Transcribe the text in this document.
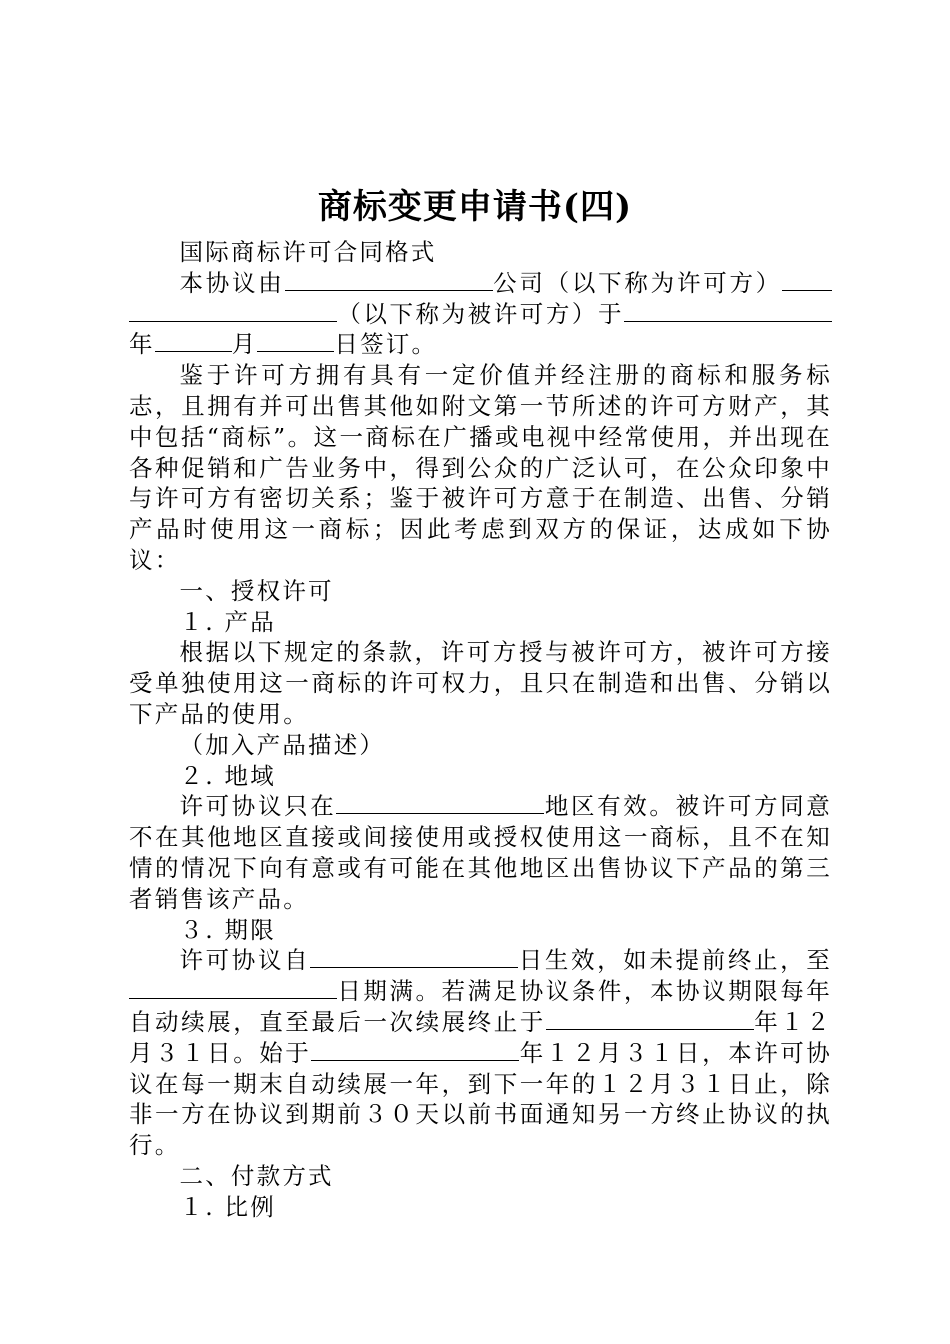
商标变更申请书(四)

国际商标许可合同格式

本协议由	公司（以下称为许可方）（以下称为被许可方）于年	月	日签订。

鉴于许可方拥有具有一定价值并经注册的商标和服务标志，且拥有并可出售其他如附文第一节所述的许可方财产，其中包括“商标”。这一商标在广播或电视中经常使用，并出现在各种促销和广告业务中，得到公众的广泛认可，在公众印象中与许可方有密切关系；鉴于被许可方意于在制造、出售、分销产品时使用这一商标；因此考虑到双方的保证，达成如下协议：

一、授权许可

１. 产品

根据以下规定的条款，许可方授与被许可方，被许可方接受单独使用这一商标的许可权力，且只在制造和出售、分销以下产品的使用。

（加入产品描述）

２. 地域

许可协议只在	地区有效。被许可方同意不在其他地区直接或间接使用或授权使用这一商标，且不在知情的情况下向有意或有可能在其他地区出售协议下产品的第三者销售该产品。

３. 期限

许可协议自	日生效，如未提前终止，至日期满。若满足协议条件，本协议期限每年自动续展，直至最后一次续展终止于	年１２月３１日。始于	年１２月３１日，本许可协议在每一期末自动续展一年，到下一年的１２月３１日止，除非一方在协议到期前３０天以前书面通知另一方终止协议的执行。

二、付款方式

１. 比例
